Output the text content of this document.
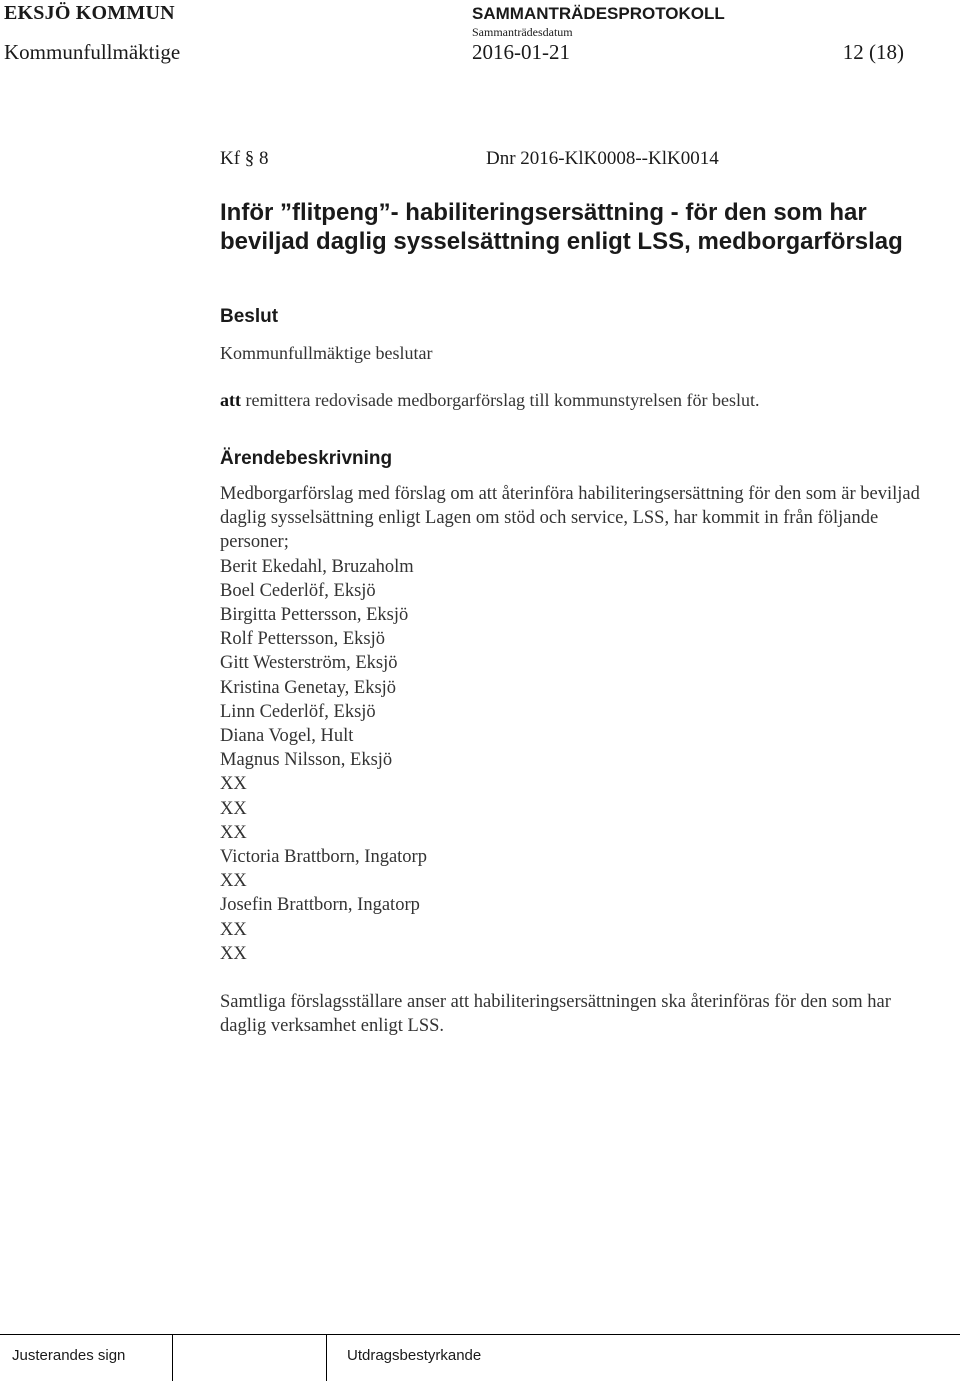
EKSJÖ KOMMUN	SAMMANTRÄDESPROTOKOLL
Sammanträdesdatum
Kommunfullmäktige	2016-01-21	12 (18)
Kf § 8	Dnr 2016-KlK0008--KlK0014
Inför ”flitpeng”- habiliteringsersättning - för den som har beviljad daglig sysselsättning enligt LSS, medborgarförslag
Beslut
Kommunfullmäktige beslutar
att remittera redovisade medborgarförslag till kommunstyrelsen för beslut.
Ärendebeskrivning

Medborgarförslag med förslag om att återinföra habiliteringsersättning för den som är beviljad daglig sysselsättning enligt Lagen om stöd och service, LSS, har kommit in från följande personer;

Berit Ekedahl, Bruzaholm
Boel Cederlöf, Eksjö
Birgitta Pettersson, Eksjö
Rolf Pettersson, Eksjö
Gitt Westerström, Eksjö
Kristina Genetay, Eksjö
Linn Cederlöf, Eksjö
Diana Vogel, Hult
Magnus Nilsson, Eksjö
XX
XX
XX
Victoria Brattborn, Ingatorp
XX
Josefin Brattborn, Ingatorp
XX
XX

Samtliga förslagsställare anser att habiliteringsersättningen ska återinföras för den som har daglig verksamhet enligt LSS.

Justerandes sign	Utdragsbestyrkande
